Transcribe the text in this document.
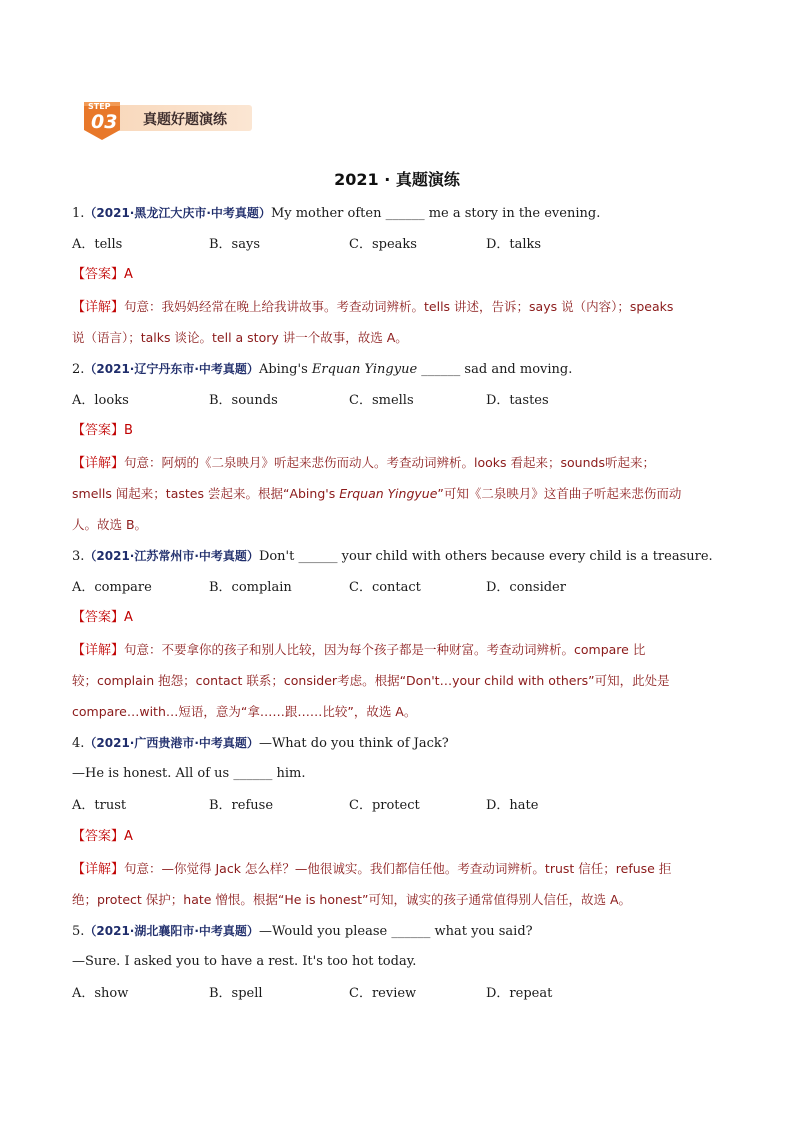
真题好题演练
STEP
03
2021 · 真题演练
1.（2021·黑龙江大庆市·中考真题）My mother often ______ me a story in the evening.
A．tells	B．says	C．speaks	D．talks
【答案】A
【详解】句意：我妈妈经常在晚上给我讲故事。考查动词辨析。tells 讲述，告诉；says 说（内容）；speaks
说（语言）；talks 谈论。tell a story 讲一个故事，故选 A。
2.（2021·辽宁丹东市·中考真题）Abing's Erquan Yingyue ______ sad and moving.
A．looks	B．sounds	C．smells	D．tastes
【答案】B
【详解】句意：阿炳的《二泉映月》听起来悲伤而动人。考查动词辨析。looks 看起来；sounds听起来；
smells 闻起来；tastes 尝起来。根据“Abing's Erquan Yingyue”可知《二泉映月》这首曲子听起来悲伤而动
人。故选 B。
3.（2021·江苏常州市·中考真题）Don't ______ your child with others because every child is a treasure.
A．compare	B．complain	C．contact	D．consider
【答案】A
【详解】句意：不要拿你的孩子和别人比较，因为每个孩子都是一种财富。考查动词辨析。compare 比
较；complain 抱怨；contact 联系；consider考虑。根据“Don't…your child with others”可知，此处是
compare…with…短语，意为“拿……跟……比较”，故选 A。
4.（2021·广西贵港市·中考真题）—What do you think of Jack?
—He is honest. All of us ______ him.
A．trust	B．refuse	C．protect	D．hate
【答案】A
【详解】句意：—你觉得 Jack 怎么样？—他很诚实。我们都信任他。考查动词辨析。trust 信任；refuse 拒
绝；protect 保护；hate 憎恨。根据“He is honest”可知，诚实的孩子通常值得别人信任，故选 A。
5.（2021·湖北襄阳市·中考真题）—Would you please ______ what you said?
—Sure. I asked you to have a rest. It's too hot today.
A．show	B．spell	C．review	D．repeat
